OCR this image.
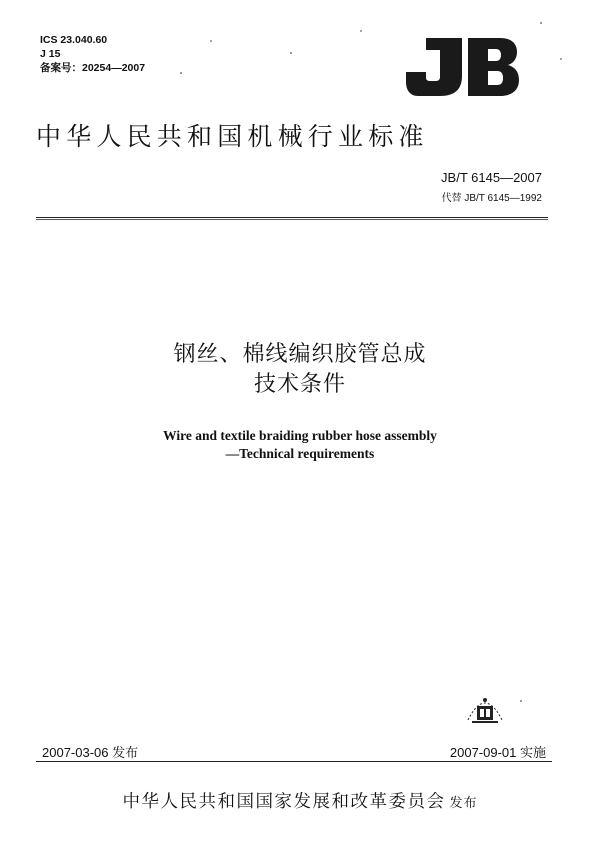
ICS 23.040.60
J 15
备案号：20254—2007
中华人民共和国机械行业标准
JB/T 6145—2007
代替 JB/T 6145—1992
钢丝、棉线编织胶管总成
技术条件
Wire and textile braiding rubber hose assembly
—Technical requirements
2007-03-06 发布	2007-09-01 实施
中华人民共和国国家发展和改革委员会 发布
